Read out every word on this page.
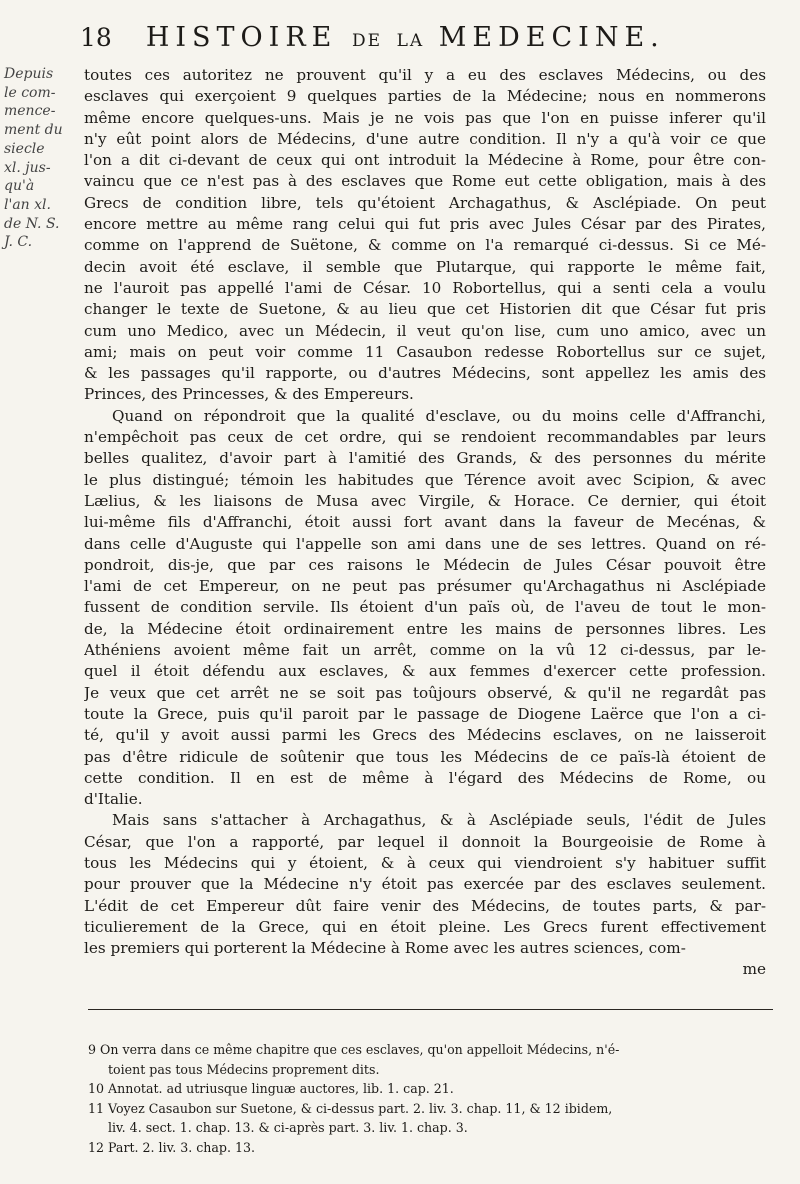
18 HISTOIRE DE LA MEDECINE.
Depuis
le com-
mence-
ment du
siecle
xl. jus-
qu'à
l'an xl.
de N. S.
J. C.
toutes ces autoritez ne prouvent qu'il y a eu des esclaves Médecins, ou des
esclaves qui exerçoient 9 quelques parties de la Médecine; nous en nommerons
même encore quelques-uns. Mais je ne vois pas que l'on en puisse inferer qu'il
n'y eût point alors de Médecins, d'une autre condition. Il n'y a qu'à voir ce que
l'on a dit ci-devant de ceux qui ont introduit la Médecine à Rome, pour être con-
vaincu que ce n'est pas à des esclaves que Rome eut cette obligation, mais à des
Grecs de condition libre, tels qu'étoient Archagathus, & Asclépiade. On peut
encore mettre au même rang celui qui fut pris avec Jules César par des Pirates,
comme on l'apprend de Suëtone, & comme on l'a remarqué ci-dessus. Si ce Mé-
decin avoit été esclave, il semble que Plutarque, qui rapporte le même fait,
ne l'auroit pas appellé l'ami de César. 10 Robortellus, qui a senti cela a voulu
changer le texte de Suetone, & au lieu que cet Historien dit que César fut pris
cum uno Medico, avec un Médecin, il veut qu'on lise, cum uno amico, avec un
ami; mais on peut voir comme 11 Casaubon redesse Robortellus sur ce sujet,
& les passages qu'il rapporte, ou d'autres Médecins, sont appellez les amis des
Princes, des Princesses, & des Empereurs.
Quand on répondroit que la qualité d'esclave, ou du moins celle d'Affranchi,
n'empêchoit pas ceux de cet ordre, qui se rendoient recommandables par leurs
belles qualitez, d'avoir part à l'amitié des Grands, & des personnes du mérite
le plus distingué; témoin les habitudes que Térence avoit avec Scipion, & avec
Lælius, & les liaisons de Musa avec Virgile, & Horace. Ce dernier, qui étoit
lui-même fils d'Affranchi, étoit aussi fort avant dans la faveur de Mecénas, &
dans celle d'Auguste qui l'appelle son ami dans une de ses lettres. Quand on ré-
pondroit, dis-je, que par ces raisons le Médecin de Jules César pouvoit être
l'ami de cet Empereur, on ne peut pas présumer qu'Archagathus ni Asclépiade
fussent de condition servile. Ils étoient d'un païs où, de l'aveu de tout le mon-
de, la Médecine étoit ordinairement entre les mains de personnes libres. Les
Athéniens avoient même fait un arrêt, comme on la vû 12 ci-dessus, par le-
quel il étoit défendu aux esclaves, & aux femmes d'exercer cette profession.
Je veux que cet arrêt ne se soit pas toûjours observé, & qu'il ne regardât pas
toute la Grece, puis qu'il paroit par le passage de Diogene Laërce que l'on a ci-
té, qu'il y avoit aussi parmi les Grecs des Médecins esclaves, on ne laisseroit
pas d'être ridicule de soûtenir que tous les Médecins de ce païs-là étoient de
cette condition. Il en est de même à l'égard des Médecins de Rome, ou
d'Italie.
Mais sans s'attacher à Archagathus, & à Asclépiade seuls, l'édit de Jules
César, que l'on a rapporté, par lequel il donnoit la Bourgeoisie de Rome à
tous les Médecins qui y étoient, & à ceux qui viendroient s'y habituer suffit
pour prouver que la Médecine n'y étoit pas exercée par des esclaves seulement.
L'édit de cet Empereur dût faire venir des Médecins, de toutes parts, & par-
ticulierement de la Grece, qui en étoit pleine. Les Grecs furent effectivement
les premiers qui porterent la Médecine à Rome avec les autres sciences, com-

me

9 On verra dans ce même chapitre que ces esclaves, qu'on appelloit Médecins, n'é-

toient pas tous Médecins proprement dits.

10 Annotat. ad utriusque linguæ auctores, lib. 1. cap. 21.

11 Voyez Casaubon sur Suetone, & ci-dessus part. 2. liv. 3. chap. 11, & 12 ibidem,

liv. 4. sect. 1. chap. 13. & ci-après part. 3. liv. 1. chap. 3.

12 Part. 2. liv. 3. chap. 13.
